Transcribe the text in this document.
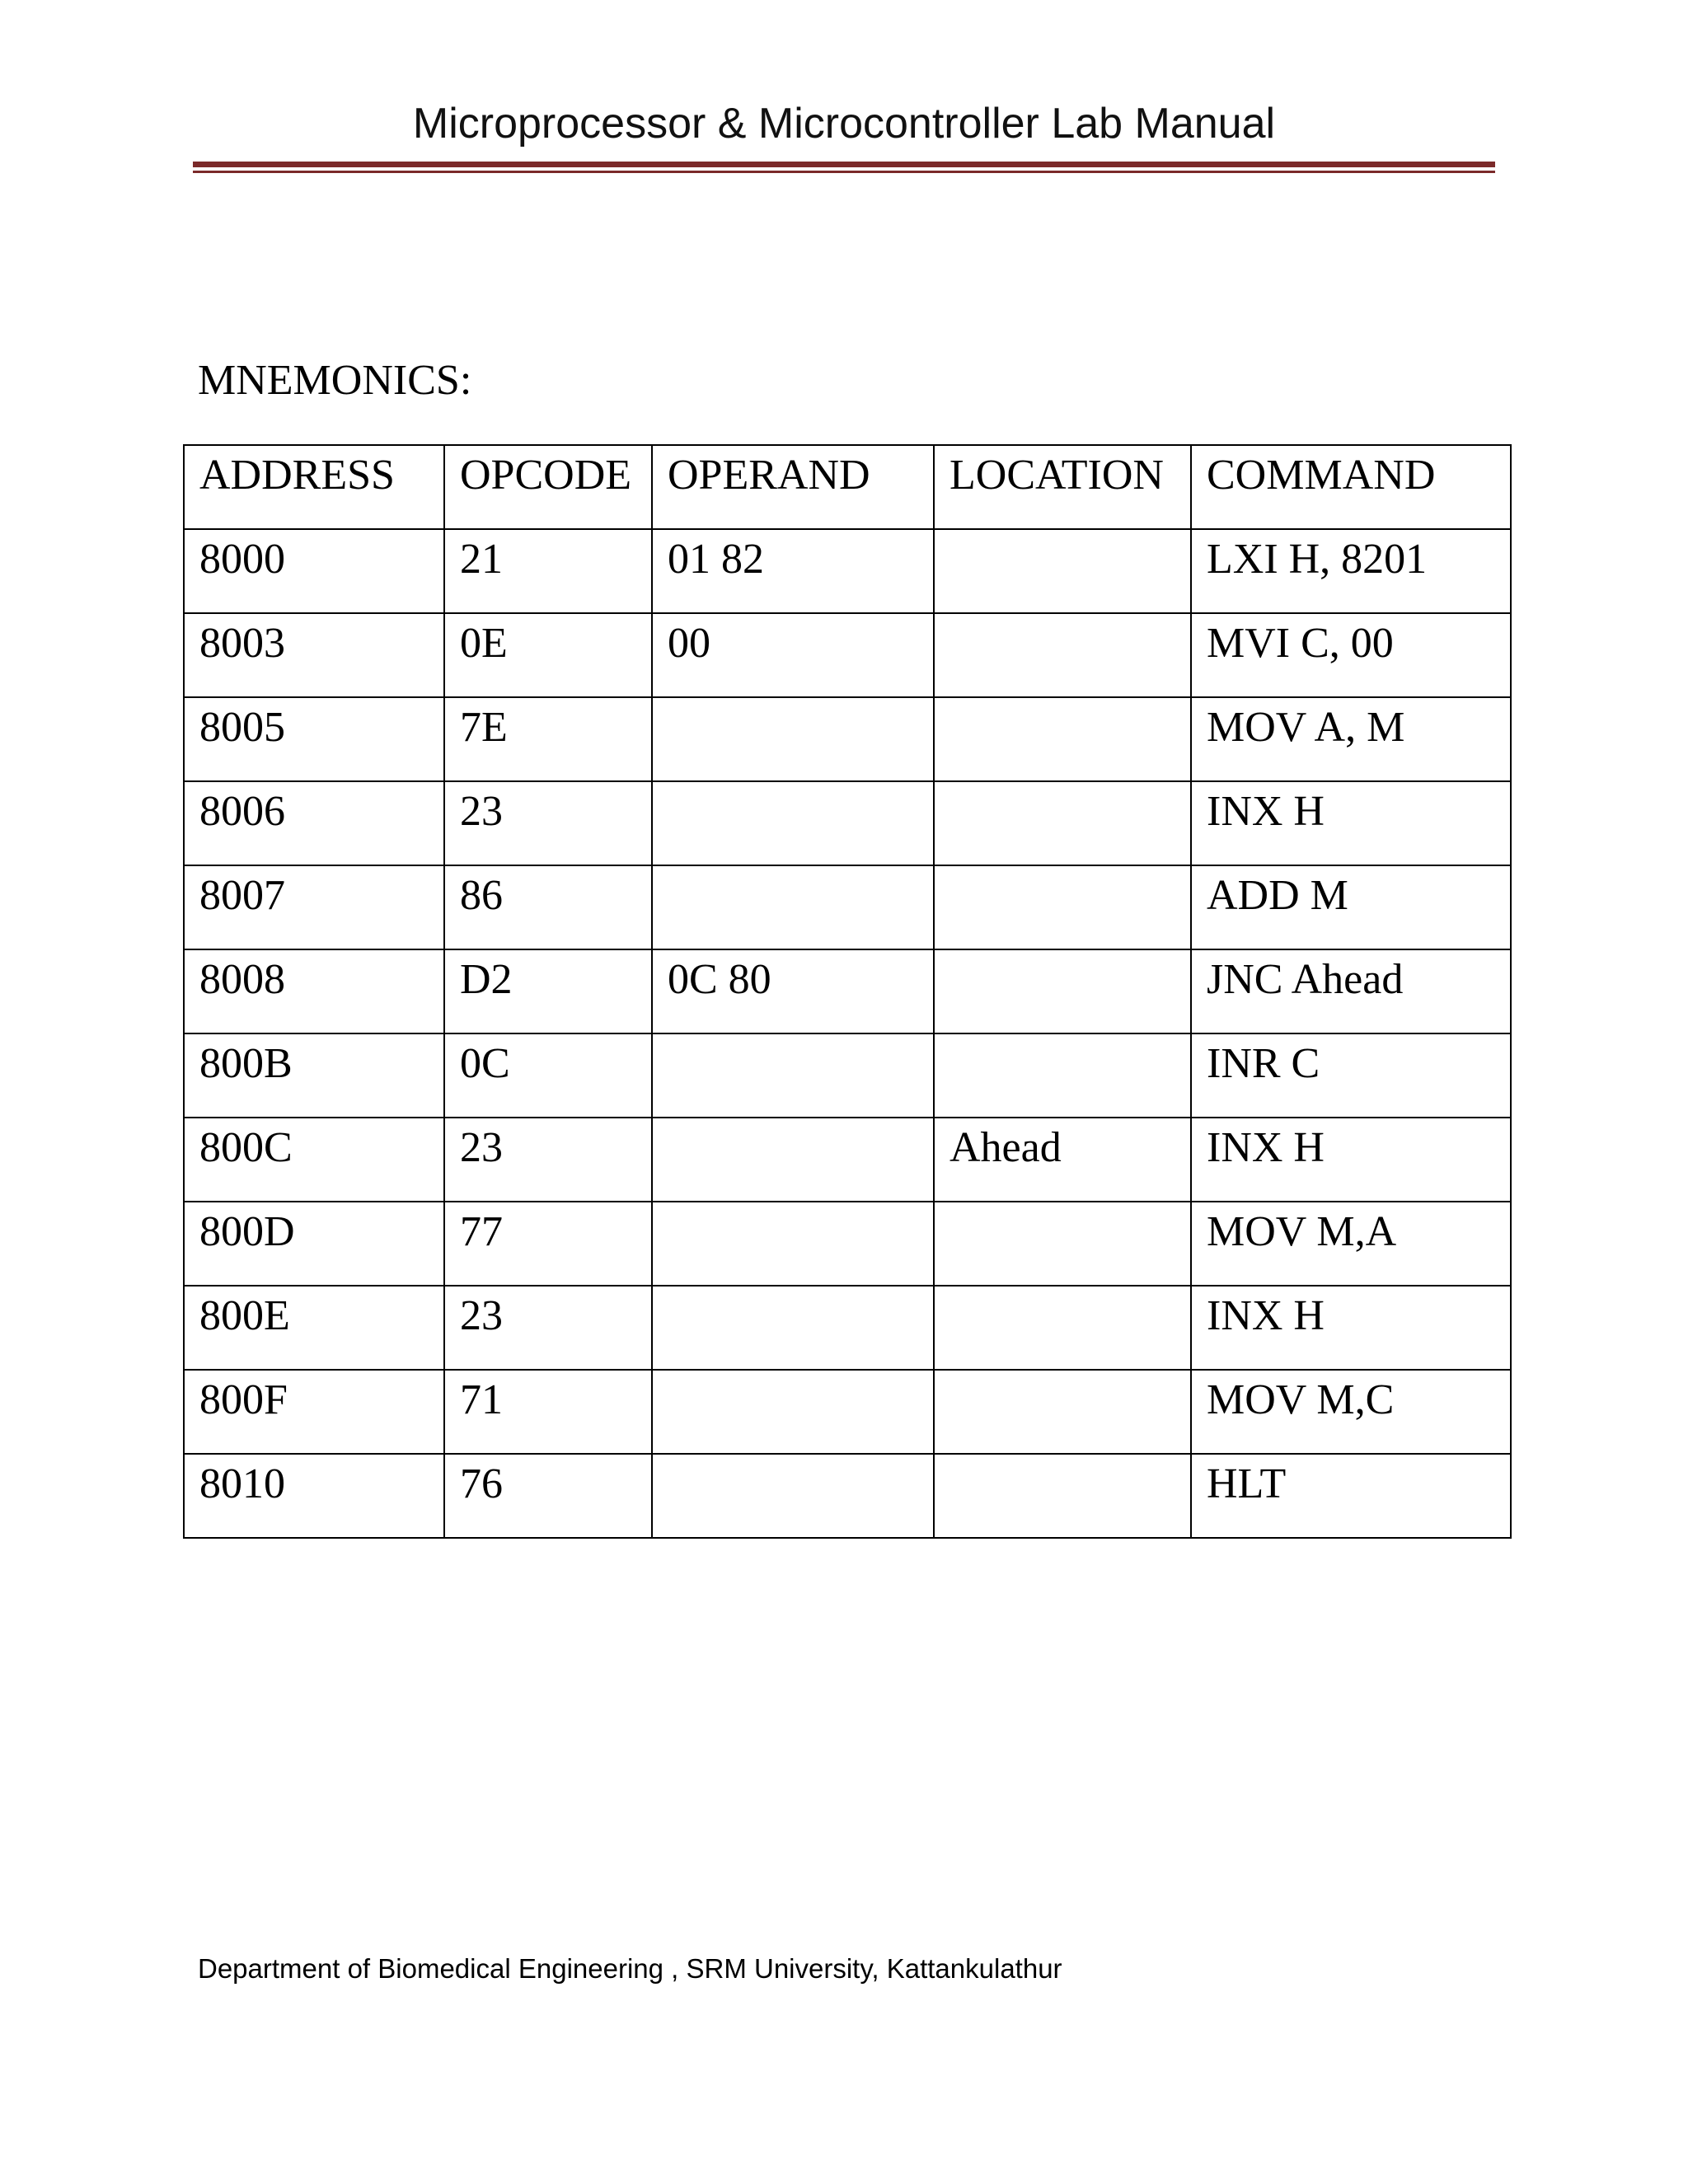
Microprocessor & Microcontroller Lab Manual
MNEMONICS:
ADDRESS	OPCODE	OPERAND	LOCATION	COMMAND
8000	21	01 82		LXI H, 8201
8003	0E	00		MVI C, 00
8005	7E			MOV A, M
8006	23			INX H
8007	86			ADD M
8008	D2	0C 80		JNC Ahead
800B	0C			INR C
800C	23		Ahead	INX H
800D	77			MOV M,A
800E	23			INX H
800F	71			MOV M,C
8010	76			HLT
Department of Biomedical Engineering , SRM University, Kattankulathur
